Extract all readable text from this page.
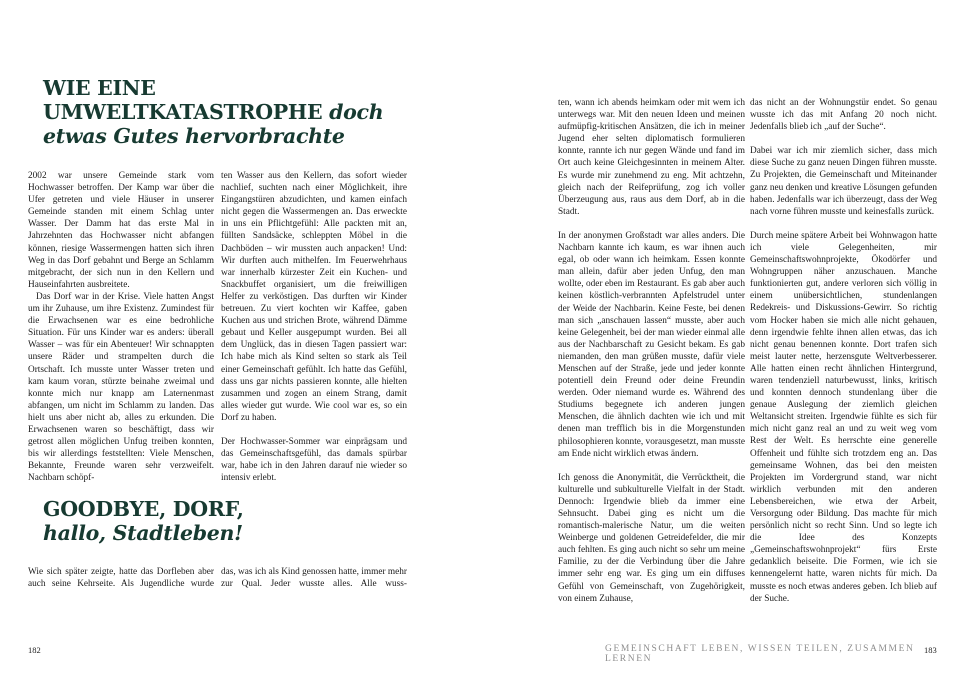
WIE EINE
UMWELTKATASTROPHE doch
etwas Gutes hervorbrachte

2002 war unsere Gemeinde stark vom Hochwasser betroffen. Der Kamp war über die Ufer getreten und viele Häuser in unserer Gemeinde standen mit einem Schlag unter Wasser. Der Damm hat das erste Mal in Jahrzehnten das Hochwasser nicht abfangen können, riesige Wassermengen hatten sich ihren Weg in das Dorf gebahnt und Berge an Schlamm mitgebracht, der sich nun in den Kellern und Hauseinfahrten ausbreitete.

Das Dorf war in der Krise. Viele hatten Angst um ihr Zuhause, um ihre Existenz. Zumindest für die Erwachsenen war es eine bedrohliche Situation. Für uns Kinder war es anders: überall Wasser – was für ein Abenteuer! Wir schnappten unsere Räder und strampelten durch die Ortschaft. Ich musste unter Wasser treten und kam kaum voran, stürzte beinahe zweimal und konnte mich nur knapp am Laternenmast abfangen, um nicht im Schlamm zu landen. Das hielt uns aber nicht ab, alles zu erkunden. Die Erwachsenen waren so beschäftigt, dass wir getrost allen möglichen Unfug treiben konnten, bis wir allerdings feststellten: Viele Menschen, Bekannte, Freunde waren sehr verzweifelt. Nachbarn schöpf-

ten Wasser aus den Kellern, das sofort wieder nachlief, suchten nach einer Möglichkeit, ihre Eingangstüren abzudichten, und kamen einfach nicht gegen die Wassermengen an. Das erweckte in uns ein Pflichtgefühl: Alle packten mit an, füllten Sandsäcke, schleppten Möbel in die Dachböden – wir mussten auch anpacken! Und: Wir durften auch mithelfen. Im Feuerwehrhaus war innerhalb kürzester Zeit ein Kuchen- und Snackbuffet organisiert, um die freiwilligen Helfer zu verköstigen. Das durften wir Kinder betreuen. Zu viert kochten wir Kaffee, gaben Kuchen aus und strichen Brote, während Dämme gebaut und Keller ausgepumpt wurden. Bei all dem Unglück, das in diesen Tagen passiert war: Ich habe mich als Kind selten so stark als Teil einer Gemeinschaft gefühlt. Ich hatte das Gefühl, dass uns gar nichts passieren konnte, alle hielten zusammen und zogen an einem Strang, damit alles wieder gut wurde. Wie cool war es, so ein Dorf zu haben.

Der Hochwasser-Sommer war einprägsam und das Gemeinschaftsgefühl, das damals spürbar war, habe ich in den Jahren darauf nie wieder so intensiv erlebt.

GOODBYE, DORF,
hallo, Stadtleben!

Wie sich später zeigte, hatte das Dorfleben aber auch seine Kehrseite. Als Jugendliche wurde

das, was ich als Kind genossen hatte, immer mehr zur Qual. Jeder wusste alles. Alle wuss-

182

ten, wann ich abends heimkam oder mit wem ich unterwegs war. Mit den neuen Ideen und meinen aufmüpfig-kritischen Ansätzen, die ich in meiner Jugend eher selten diplomatisch formulieren konnte, rannte ich nur gegen Wände und fand im Ort auch keine Gleichgesinnten in meinem Alter. Es wurde mir zunehmend zu eng. Mit achtzehn, gleich nach der Reifeprüfung, zog ich voller Überzeugung aus, raus aus dem Dorf, ab in die Stadt.

In der anonymen Großstadt war alles anders. Die Nachbarn kannte ich kaum, es war ihnen auch egal, ob oder wann ich heimkam. Essen konnte man allein, dafür aber jeden Unfug, den man wollte, oder eben im Restaurant. Es gab aber auch keinen köstlich-verbrannten Apfelstrudel unter der Weide der Nachbarin. Keine Feste, bei denen man sich „anschauen lassen“ musste, aber auch keine Gelegenheit, bei der man wieder einmal alle aus der Nachbarschaft zu Gesicht bekam. Es gab niemanden, den man grüßen musste, dafür viele Menschen auf der Straße, jede und jeder konnte potentiell dein Freund oder deine Freundin werden. Oder niemand wurde es. Während des Studiums begegnete ich anderen jungen Menschen, die ähnlich dachten wie ich und mit denen man trefflich bis in die Morgenstunden philosophieren konnte, vorausgesetzt, man musste am Ende nicht wirklich etwas ändern.

Ich genoss die Anonymität, die Verrücktheit, die kulturelle und subkulturelle Vielfalt in der Stadt. Dennoch: Irgendwie blieb da immer eine Sehnsucht. Dabei ging es nicht um die romantisch-malerische Natur, um die weiten Weinberge und goldenen Getreidefelder, die mir auch fehlten. Es ging auch nicht so sehr um meine Familie, zu der die Verbindung über die Jahre immer sehr eng war. Es ging um ein diffuses Gefühl von Gemeinschaft, von Zugehörigkeit, von einem Zuhause,

das nicht an der Wohnungstür endet. So genau wusste ich das mit Anfang 20 noch nicht. Jedenfalls blieb ich „auf der Suche“.

Dabei war ich mir ziemlich sicher, dass mich diese Suche zu ganz neuen Dingen führen musste. Zu Projekten, die Gemeinschaft und Miteinander ganz neu denken und kreative Lösungen gefunden haben. Jedenfalls war ich überzeugt, dass der Weg nach vorne führen musste und keinesfalls zurück.

Durch meine spätere Arbeit bei Wohnwagon hatte ich viele Gelegenheiten, mir Gemeinschaftswohnprojekte, Ökodörfer und Wohngruppen näher anzuschauen. Manche funktionierten gut, andere verloren sich völlig in einem unübersichtlichen, stundenlangen Redekreis- und Diskussions-Gewirr. So richtig vom Hocker haben sie mich alle nicht gehauen, denn irgendwie fehlte ihnen allen etwas, das ich nicht genau benennen konnte. Dort trafen sich meist lauter nette, herzensgute Weltverbesserer. Alle hatten einen recht ähnlichen Hintergrund, waren tendenziell naturbewusst, links, kritisch und konnten dennoch stundenlang über die genaue Auslegung der ziemlich gleichen Weltansicht streiten. Irgendwie fühlte es sich für mich nicht ganz real an und zu weit weg vom Rest der Welt. Es herrschte eine generelle Offenheit und fühlte sich trotzdem eng an. Das gemeinsame Wohnen, das bei den meisten Projekten im Vordergrund stand, war nicht wirklich verbunden mit den anderen Lebensbereichen, wie etwa der Arbeit, Versorgung oder Bildung. Das machte für mich persönlich nicht so recht Sinn. Und so legte ich die Idee des Konzepts „Gemeinschaftswohnprojekt“ fürs Erste gedanklich beiseite. Die Formen, wie ich sie kennengelernt hatte, waren nichts für mich. Da musste es noch etwas anderes geben. Ich blieb auf der Suche.

GEMEINSCHAFT LEBEN, WISSEN TEILEN, ZUSAMMEN LERNEN
183
